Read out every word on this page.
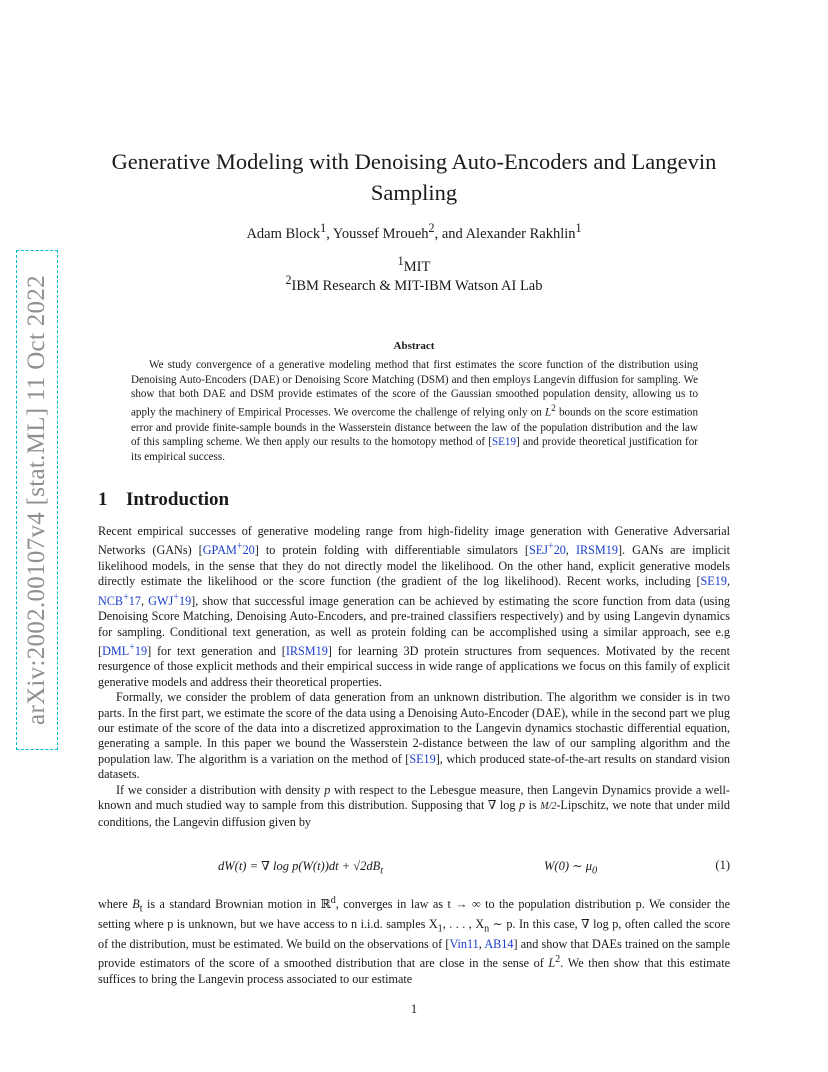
arXiv:2002.00107v4 [stat.ML] 11 Oct 2022
Generative Modeling with Denoising Auto-Encoders and Langevin Sampling
Adam Block$^1$, Youssef Mroueh$^2$, and Alexander Rakhlin$^1$
$^1$MIT
$^2$IBM Research & MIT-IBM Watson AI Lab
Abstract

We study convergence of a generative modeling method that first estimates the score function of the distribution using Denoising Auto-Encoders (DAE) or Denoising Score Matching (DSM) and then employs Langevin diffusion for sampling. We show that both DAE and DSM provide estimates of the score of the Gaussian smoothed population density, allowing us to apply the machinery of Empirical Processes. We overcome the challenge of relying only on $L^2$ bounds on the score estimation error and provide finite-sample bounds in the Wasserstein distance between the law of the population distribution and the law of this sampling scheme. We then apply our results to the homotopy method of [SE19] and provide theoretical justification for its empirical success.

1 Introduction

Recent empirical successes of generative modeling range from high-fidelity image generation with Generative Adversarial Networks (GANs) [GPAM+20] to protein folding with differentiable simulators [SEJ+20, IRSM19]. GANs are implicit likelihood models, in the sense that they do not directly model the likelihood. On the other hand, explicit generative models directly estimate the likelihood or the score function (the gradient of the log likelihood). Recent works, including [SE19, NCB+17, GWJ+19], show that successful image generation can be achieved by estimating the score function from data (using Denoising Score Matching, Denoising Auto-Encoders, and pre-trained classifiers respectively) and by using Langevin dynamics for sampling. Conditional text generation, as well as protein folding can be accomplished using a similar approach, see e.g [DML+19] for text generation and [IRSM19] for learning 3D protein structures from sequences. Motivated by the recent resurgence of those explicit methods and their empirical success in wide range of applications we focus on this family of explicit generative models and address their theoretical properties.

Formally, we consider the problem of data generation from an unknown distribution. The algorithm we consider is in two parts. In the first part, we estimate the score of the data using a Denoising Auto-Encoder (DAE), while in the second part we plug our estimate of the score of the data into a discretized approximation to the Langevin dynamics stochastic differential equation, generating a sample. In this paper we bound the Wasserstein 2-distance between the law of our sampling algorithm and the population law. The algorithm is a variation on the method of [SE19], which produced state-of-the-art results on standard vision datasets.

If we consider a distribution with density p with respect to the Lebesgue measure, then Langevin Dynamics provide a well-known and much studied way to sample from this distribution. Supposing that ∇ log p is M/2-Lipschitz, we note that under mild conditions, the Langevin diffusion given by

dW(t) = ∇ $\log p(W(t))dt + √2dB_t$	W(0) ∼ $\mu_0$	(1)

where $B_t$ is a standard Brownian motion in ℝ$^d$, converges in law as t → ∞ to the population distribution p. We consider the setting where p is unknown, but we have access to n i.i.d. samples $X_1$, . . . , $X_n$ ∼ p. In this case, ∇ log p, often called the score of the distribution, must be estimated. We build on the observations of [Vin11, AB14] and show that DAEs trained on the sample provide estimators of the score of a smoothed distribution that are close in the sense of $L^2$. We then show that this estimate suffices to bring the Langevin process associated to our estimate

1
